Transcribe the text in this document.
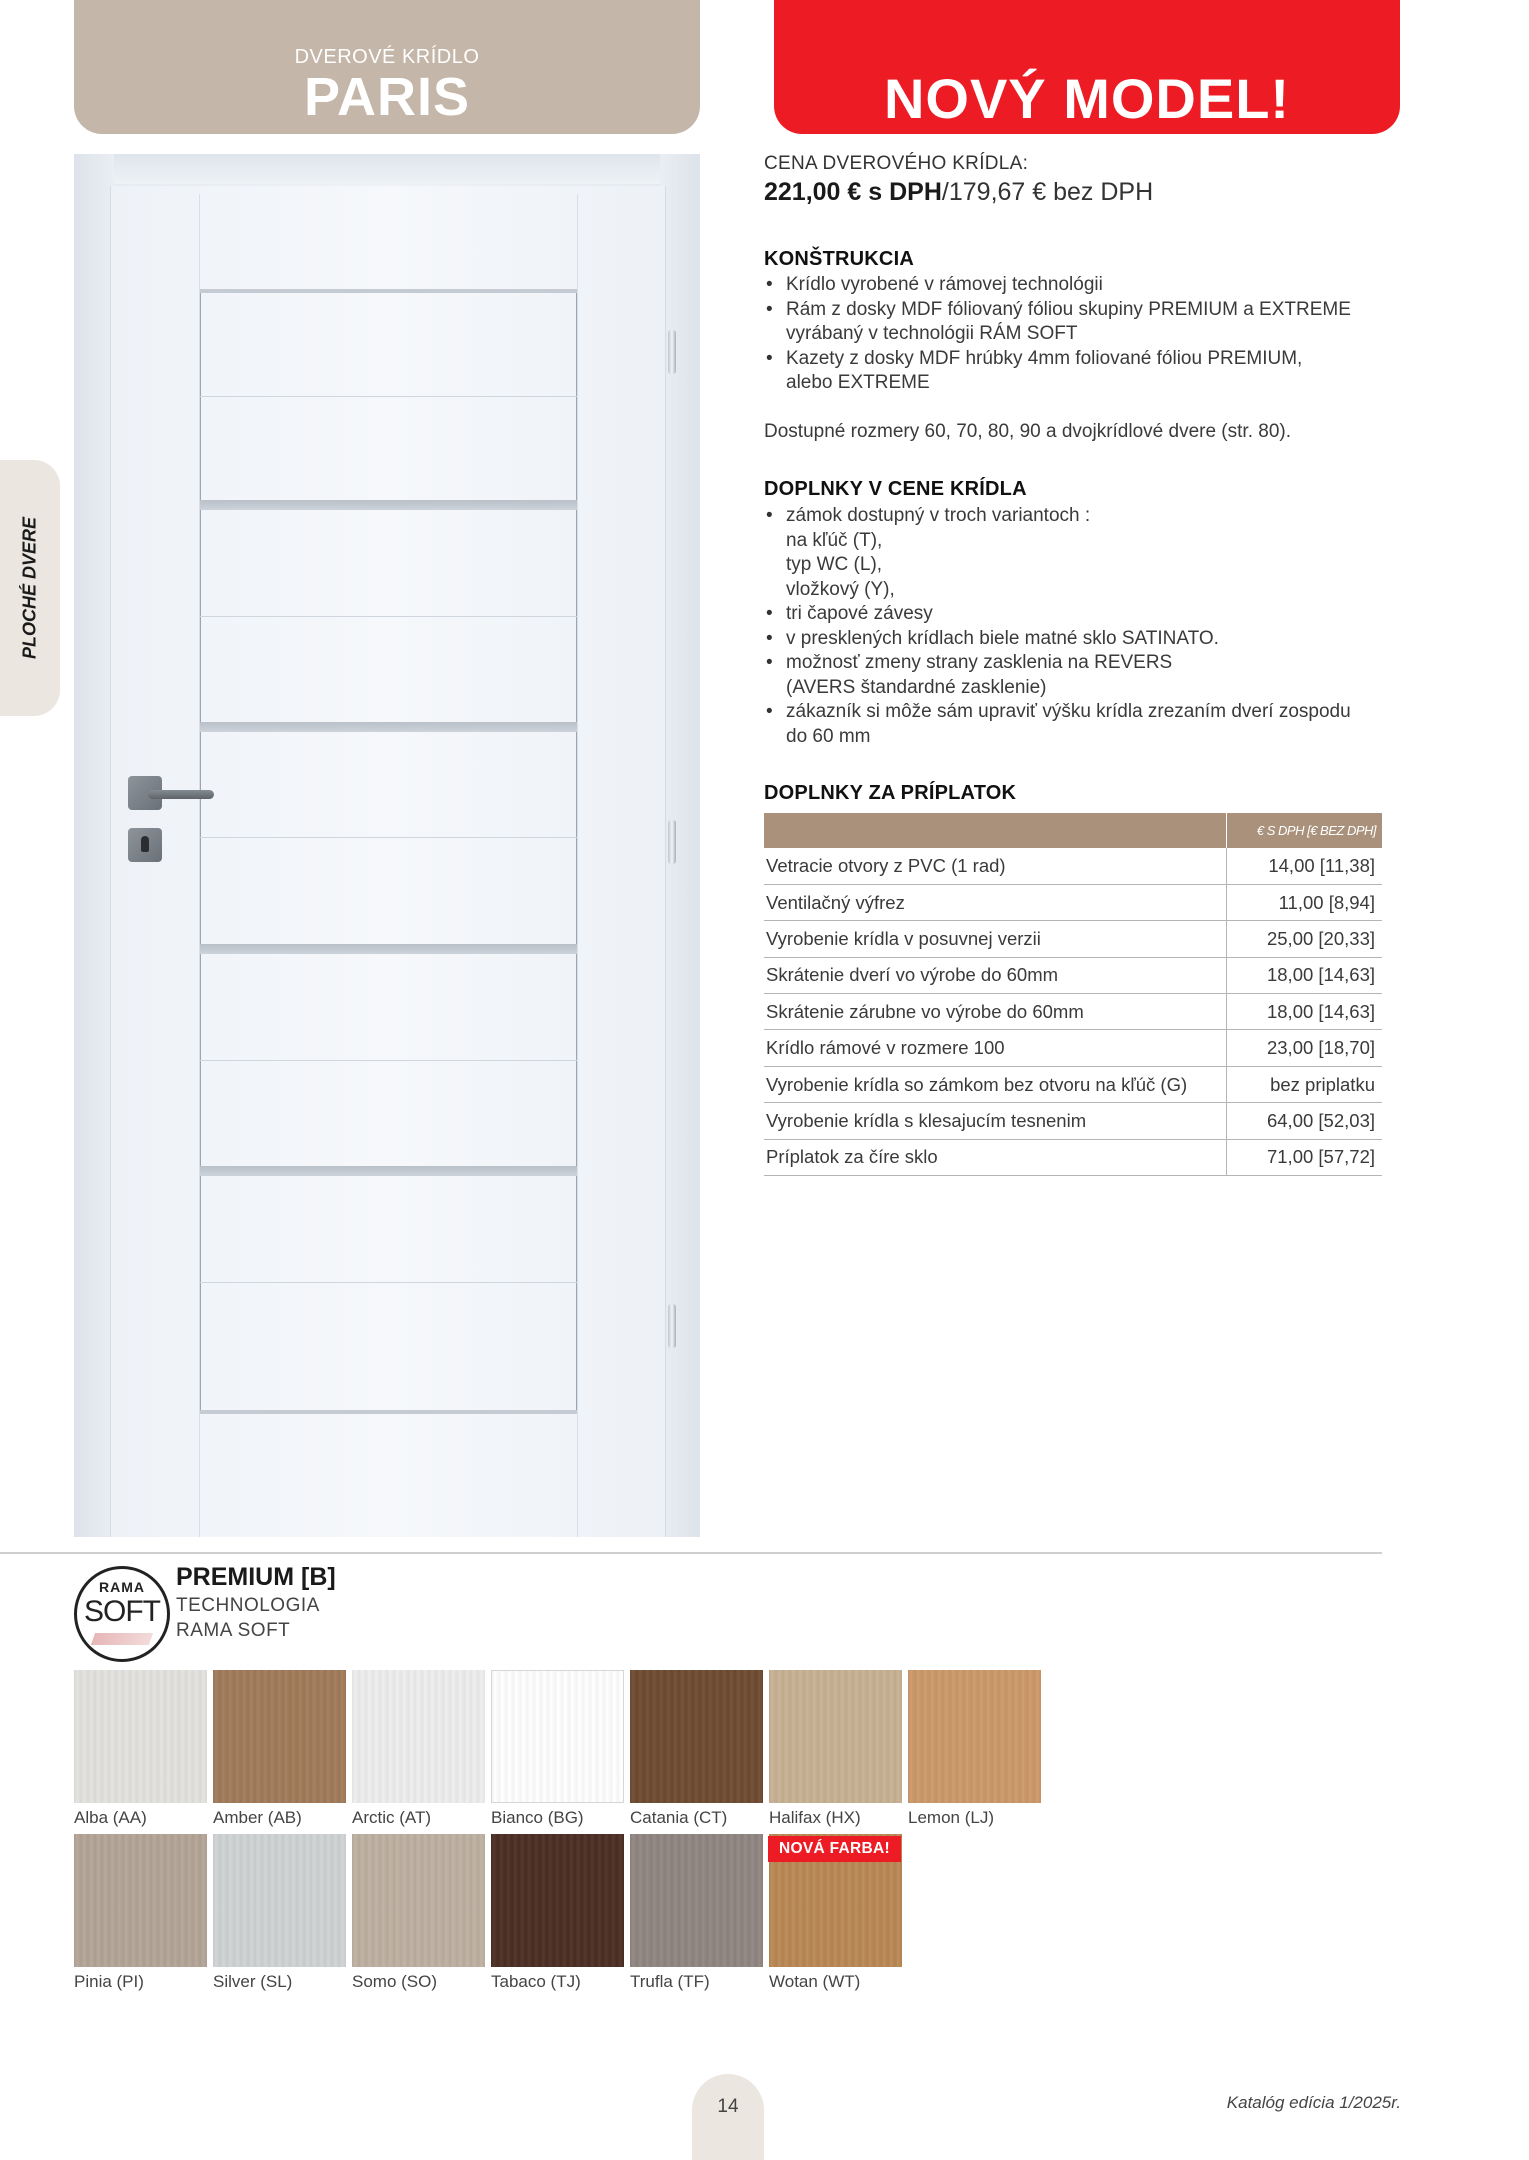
DVEROVÉ KRÍDLO
PARIS	NOVÝ MODEL!
PLOCHÉ DVERE
CENA DVEROVÉHO KRÍDLA:
221,00 € s DPH/179,67 € bez DPH
KONŠTRUKCIA
• Krídlo vyrobené v rámovej technológii
• Rám z dosky MDF fóliovaný fóliou skupiny PREMIUM a EXTREME
vyrábaný v technológii RÁM SOFT
• Kazety z dosky MDF hrúbky 4mm foliované fóliou PREMIUM,
alebo EXTREME
Dostupné rozmery 60, 70, 80, 90 a dvojkrídlové dvere (str. 80).
DOPLNKY V CENE KRÍDLA
• zámok dostupný v troch variantoch :
na kľúč (T),
typ WC (L),
vložkový (Y),
• tri čapové závesy
• v presklených krídlach biele matné sklo SATINATO.
• možnosť zmeny strany zasklenia na REVERS
(AVERS štandardné zasklenie)
• zákazník si môže sám upraviť výšku krídla zrezaním dverí zospodu
do 60 mm
DOPLNKY ZA PRÍPLATOK
	€ S DPH [€ BEZ DPH]
Vetracie otvory z PVC (1 rad)	14,00 [11,38]
Ventilačný výfrez	11,00 [8,94]
Vyrobenie krídla v posuvnej verzii	25,00 [20,33]
Skrátenie dverí vo výrobe do 60mm	18,00 [14,63]
Skrátenie zárubne vo výrobe do 60mm	18,00 [14,63]
Krídlo rámové v rozmere 100	23,00 [18,70]
Vyrobenie krídla so zámkom bez otvoru na kľúč (G)	bez priplatku
Vyrobenie krídla s klesajucím tesnenim	64,00 [52,03]
Príplatok za číre sklo	71,00 [57,72]
RAMA
SOFT
PREMIUM [B]
TECHNOLOGIA
RAMA SOFT
Alba (AA)	Amber (AB)	Arctic (AT)	Bianco (BG)	Catania (CT) Halifax (HX)	Lemon (LJ)
Pinia (PI)	Silver (SL)	Somo (SO)	Tabaco (TJ)	Trufla (TF)	Wotan (WT)
NOVÁ FARBA!
14	Katalóg edícia 1/2025r.
